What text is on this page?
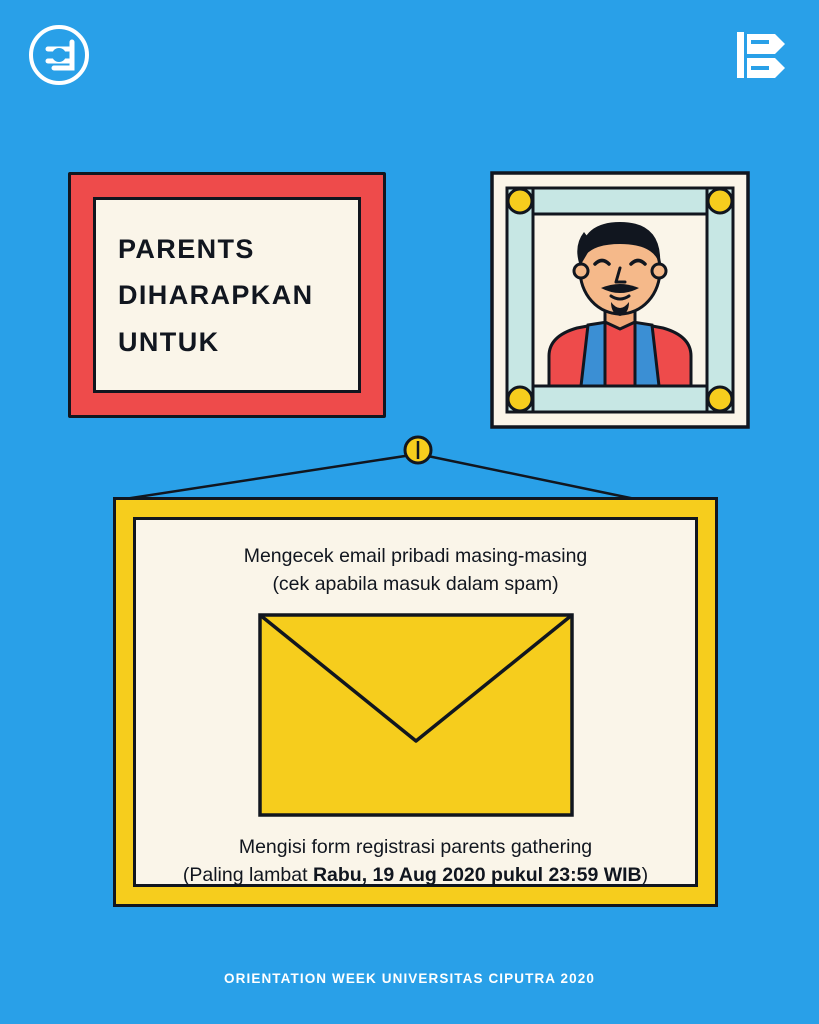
PARENTS
DIHARAPKAN
UNTUK
Mengecek email pribadi masing-masing
(cek apabila masuk dalam spam)
Mengisi form registrasi parents gathering
(Paling lambat Rabu, 19 Aug 2020 pukul 23:59 WIB)
ORIENTATION WEEK UNIVERSITAS CIPUTRA 2020
